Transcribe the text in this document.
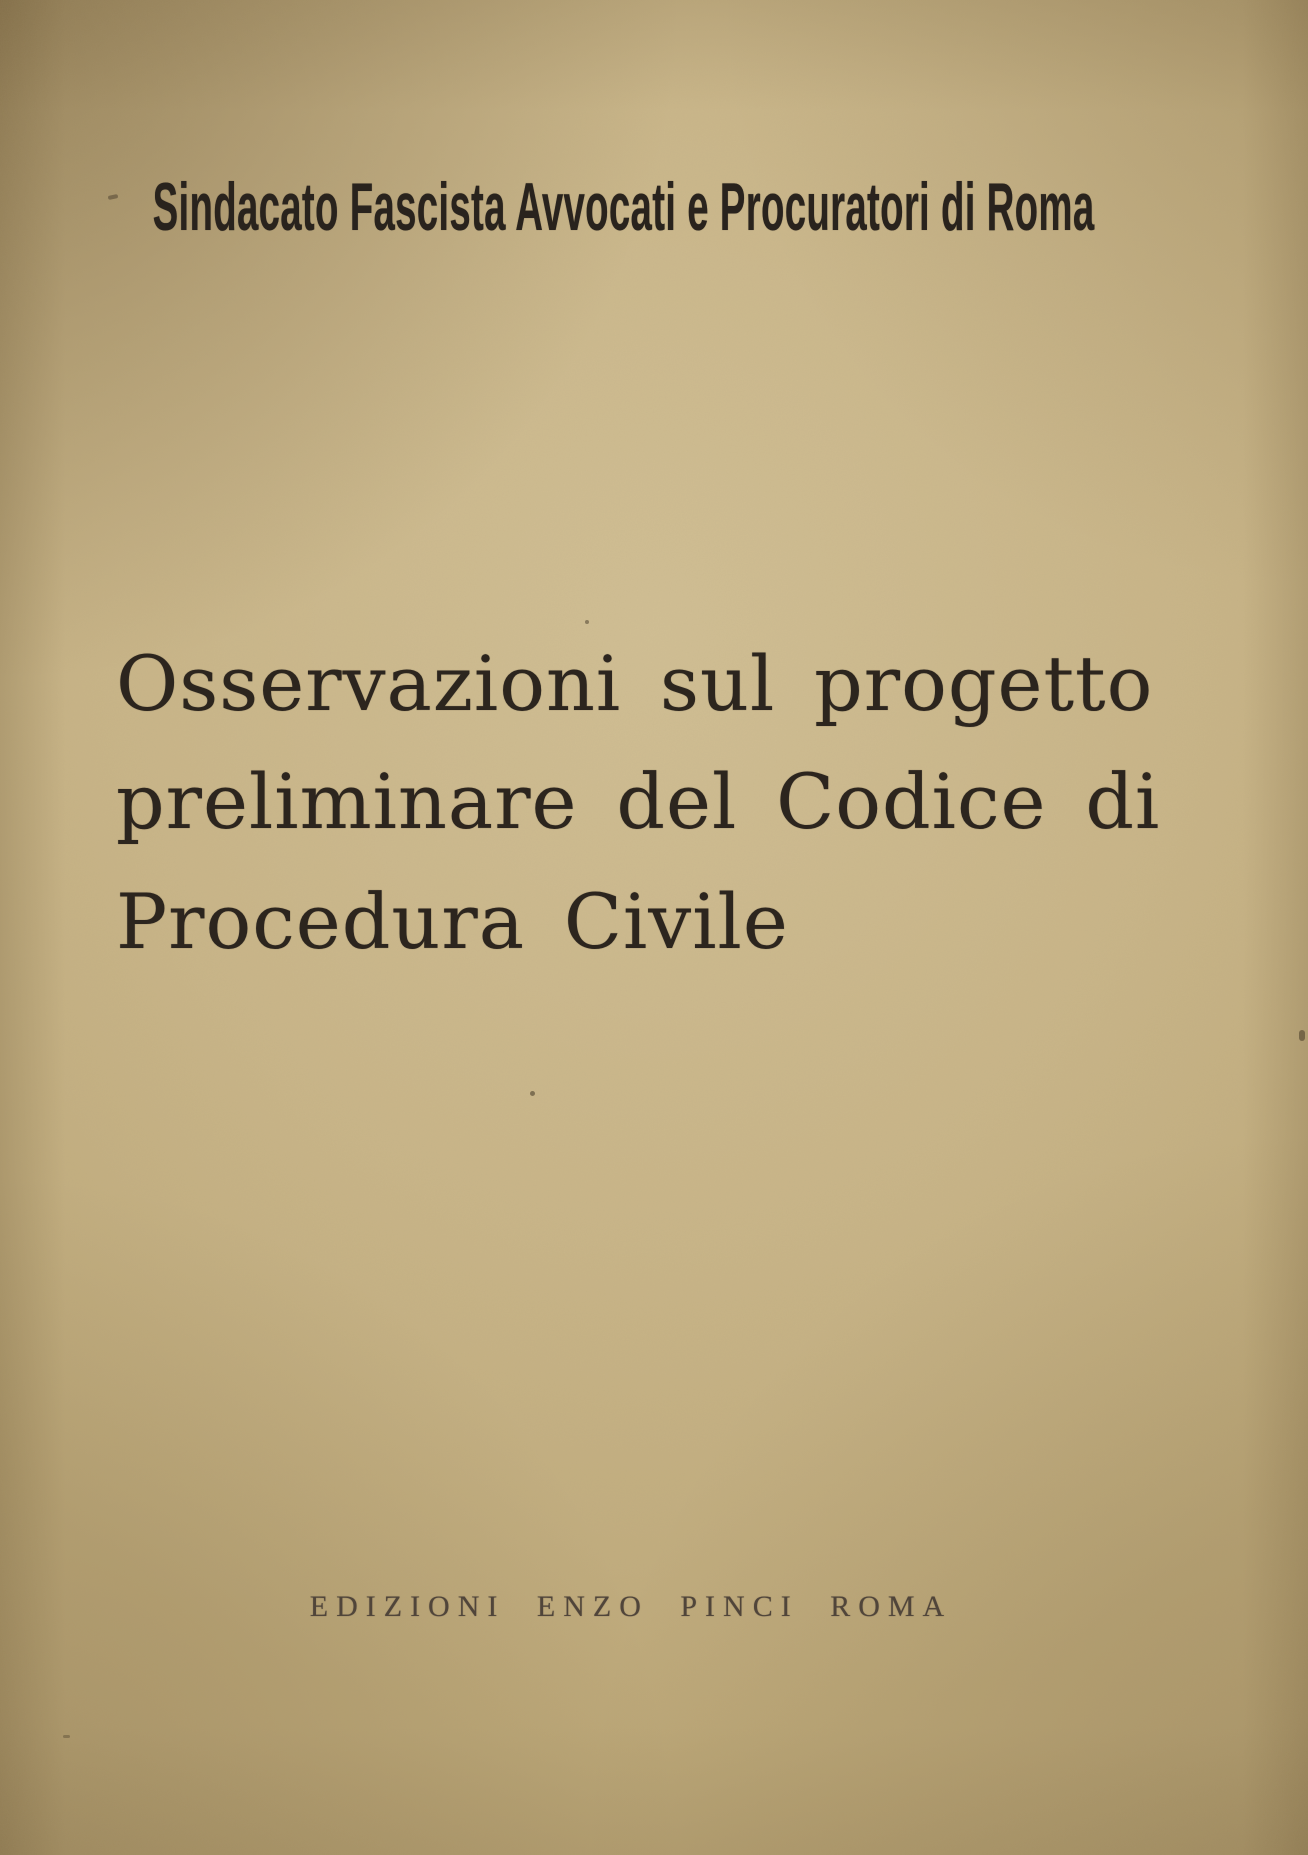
Sindacato Fascista Avvocati e Procuratori di Roma
Osservazioni sul progetto
preliminare del Codice di
Procedura Civile
EDIZIONI ENZO PINCI ROMA
